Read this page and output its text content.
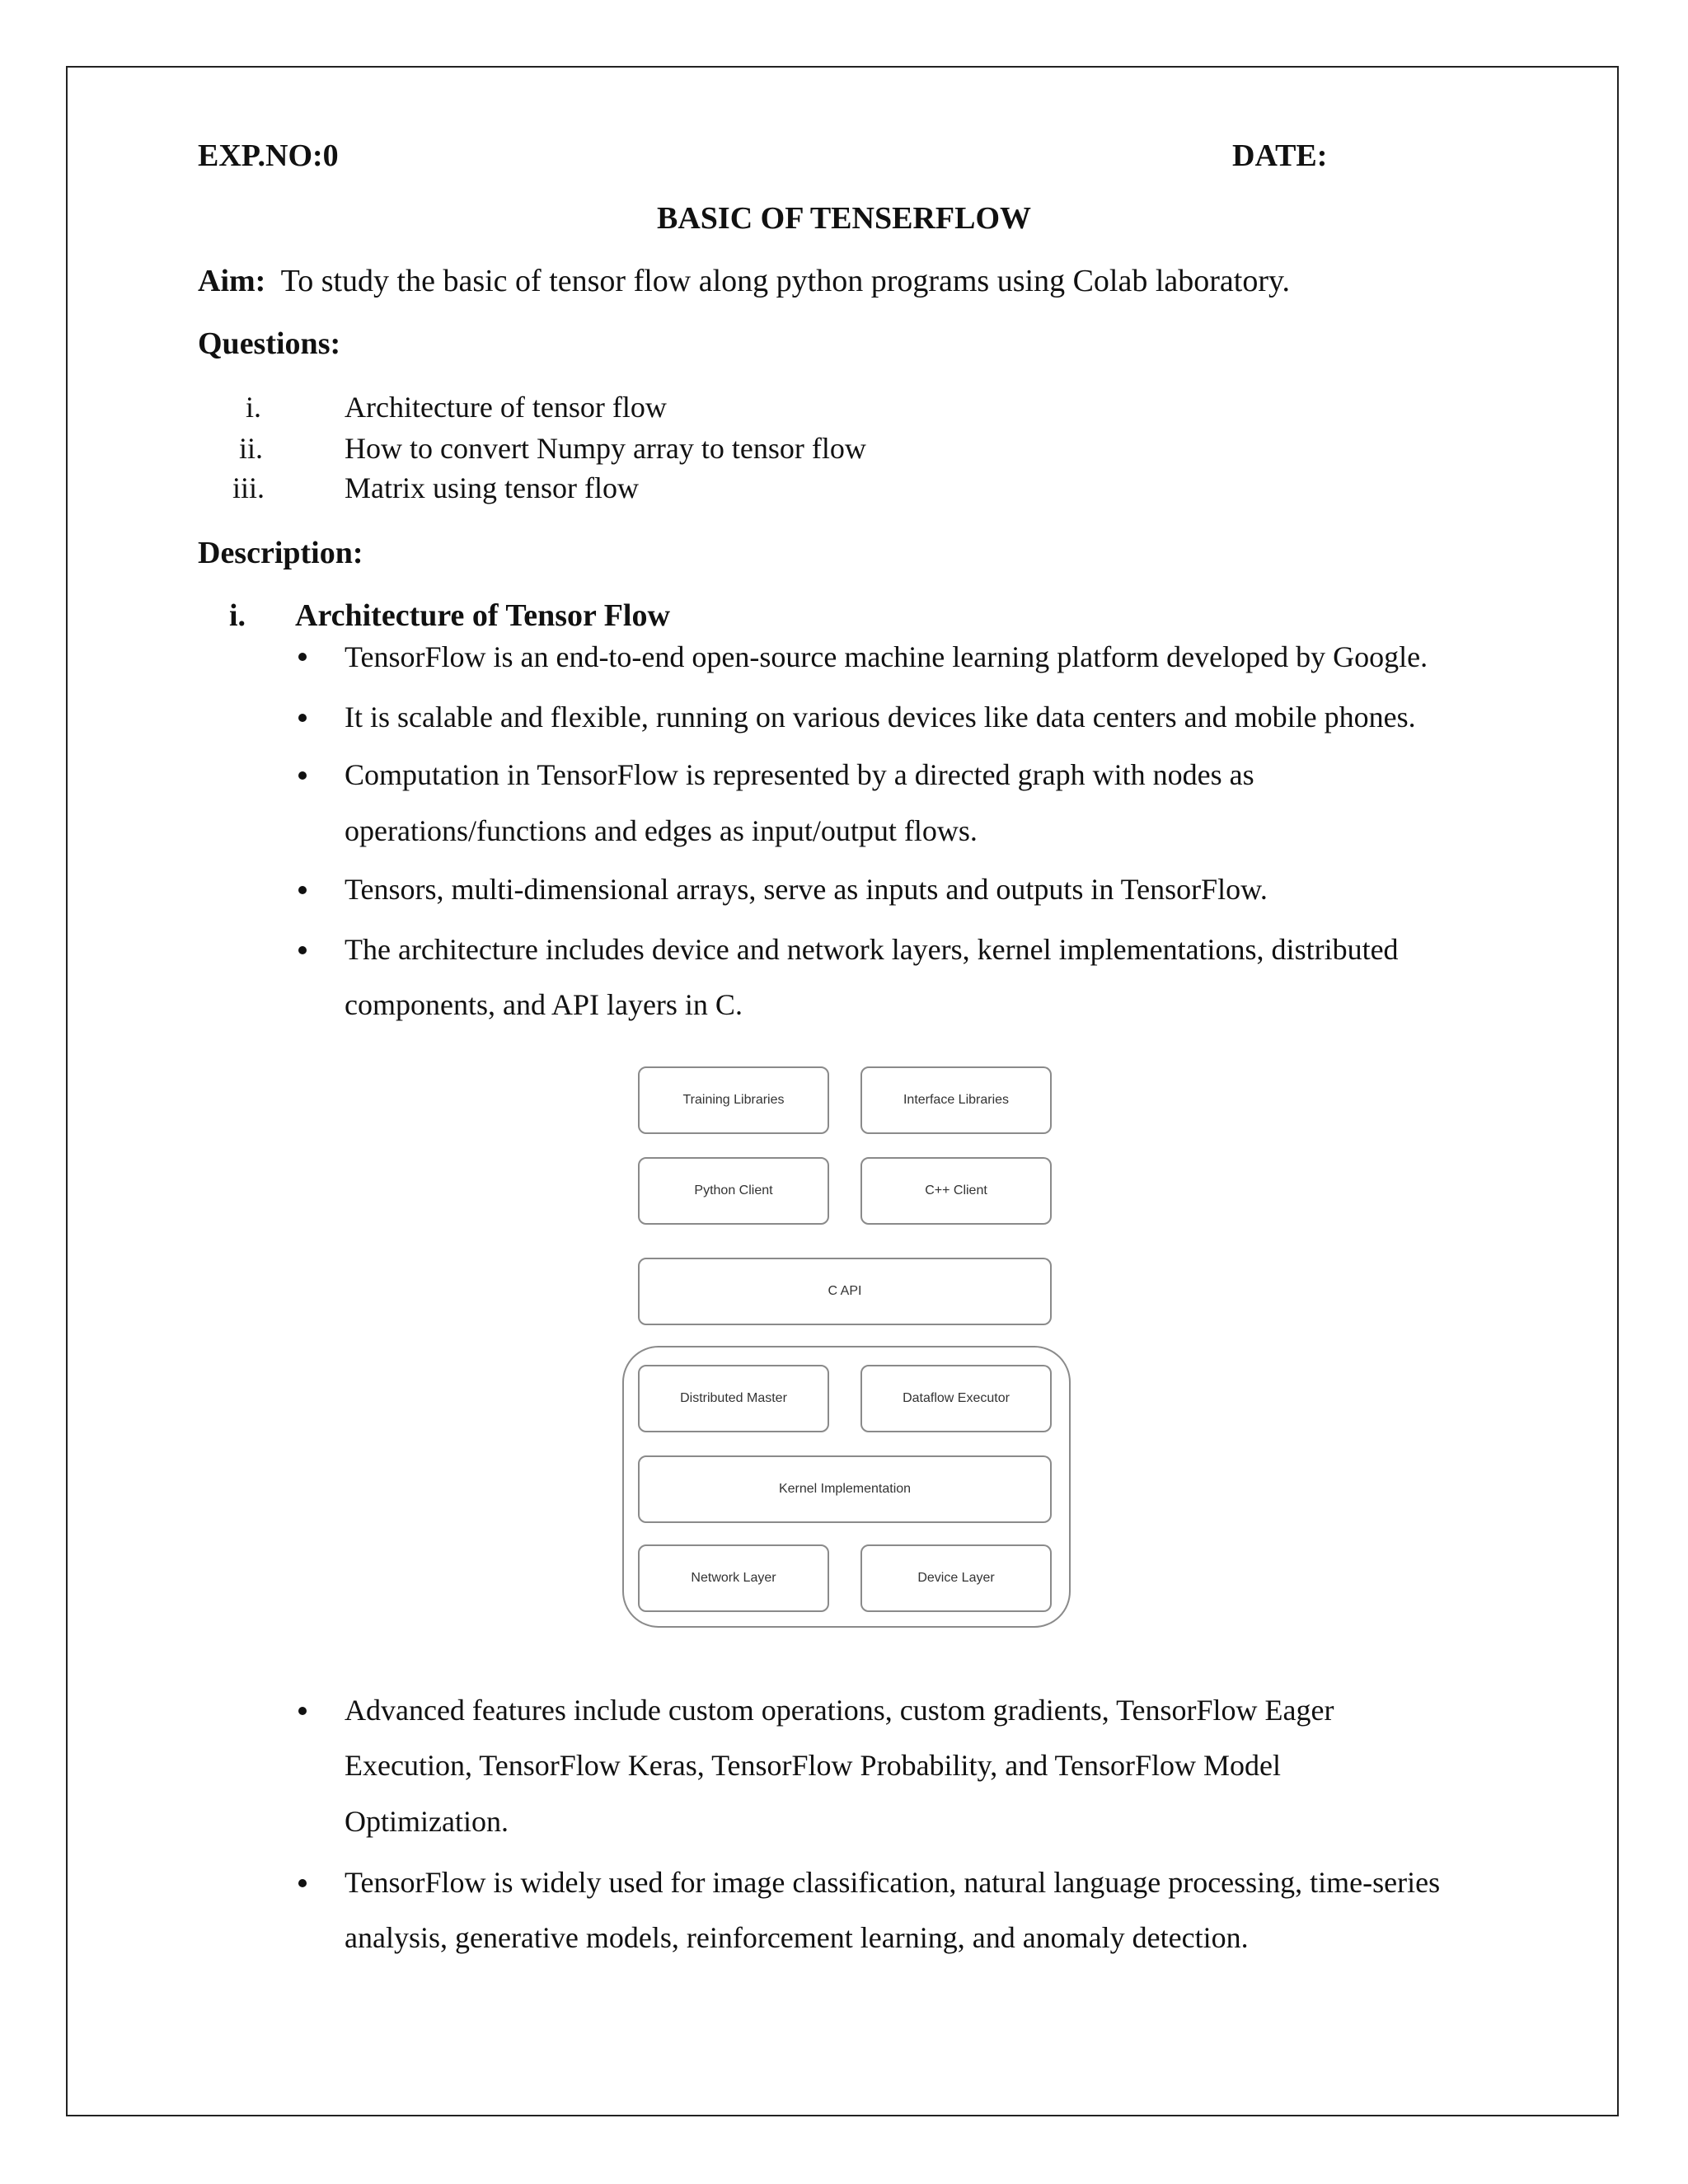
EXP.NO:0	DATE:
BASIC OF TENSERFLOW
Aim: To study the basic of tensor flow along python programs using Colab laboratory.
Questions:
i.	Architecture of tensor flow
ii.	How to convert Numpy array to tensor flow
iii.	Matrix using tensor flow
Description:
i. Architecture of Tensor Flow
TensorFlow is an end-to-end open-source machine learning platform developed by Google.
It is scalable and flexible, running on various devices like data centers and mobile phones.
Computation in TensorFlow is represented by a directed graph with nodes as
operations/functions and edges as input/output flows.
Tensors, multi-dimensional arrays, serve as inputs and outputs in TensorFlow.
The architecture includes device and network layers, kernel implementations, distributed
components, and API layers in C.
Training Libraries	Interface Libraries
Python Client	C++ Client
C API
Distributed Master	Dataflow Executor
Kernel Implementation
Network Layer	Device Layer
Advanced features include custom operations, custom gradients, TensorFlow Eager
Execution, TensorFlow Keras, TensorFlow Probability, and TensorFlow Model
Optimization.
TensorFlow is widely used for image classification, natural language processing, time-series
analysis, generative models, reinforcement learning, and anomaly detection.
